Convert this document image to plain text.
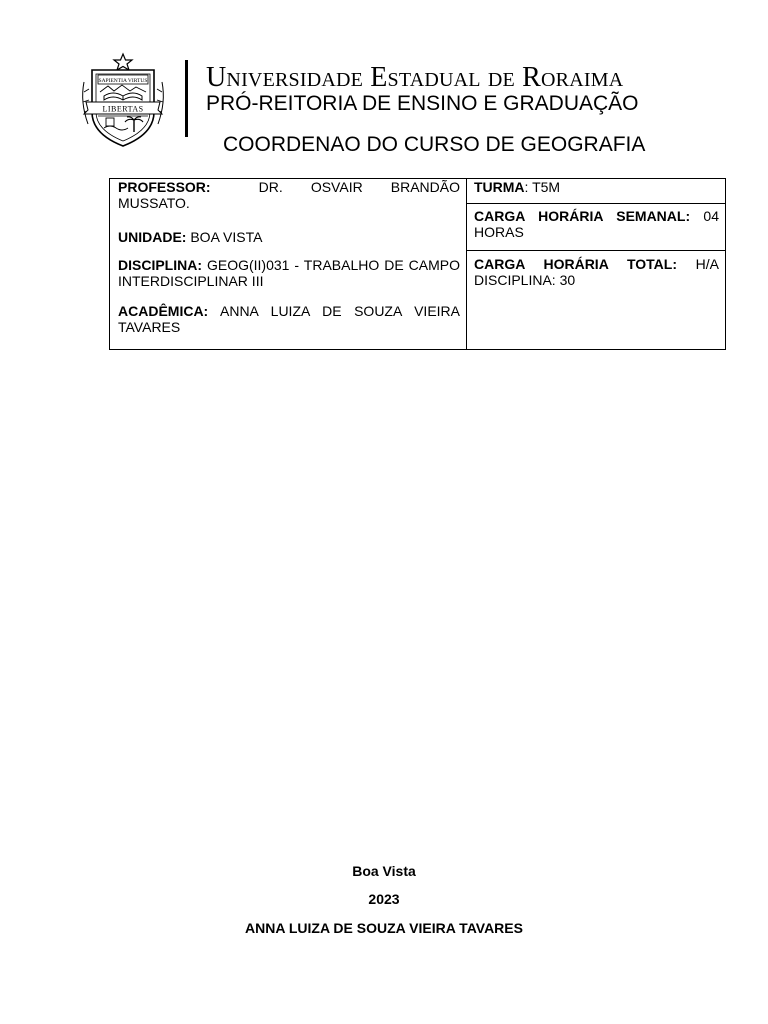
SAPIENTIA VIRTUS
LIBERTAS
Universidade Estadual de Roraima
PRÓ-REITORIA DE ENSINO E GRADUAÇÃO
COORDENAO DO CURSO DE GEOGRAFIA
PROFESSOR:	DR. OSVAIR BRANDÃO MUSSATO.
UNIDADE: BOA VISTA
DISCIPLINA: GEOG(II)031 - TRABALHO DE CAMPO INTERDISCIPLINAR III
ACADÊMICA: ANNA LUIZA DE SOUZA VIEIRA TAVARES
TURMA: T5M
CARGA HORÁRIA SEMANAL: 04 HORAS
CARGA HORÁRIA TOTAL: H/A DISCIPLINA: 30
Boa Vista
2023
ANNA LUIZA DE SOUZA VIEIRA TAVARES
